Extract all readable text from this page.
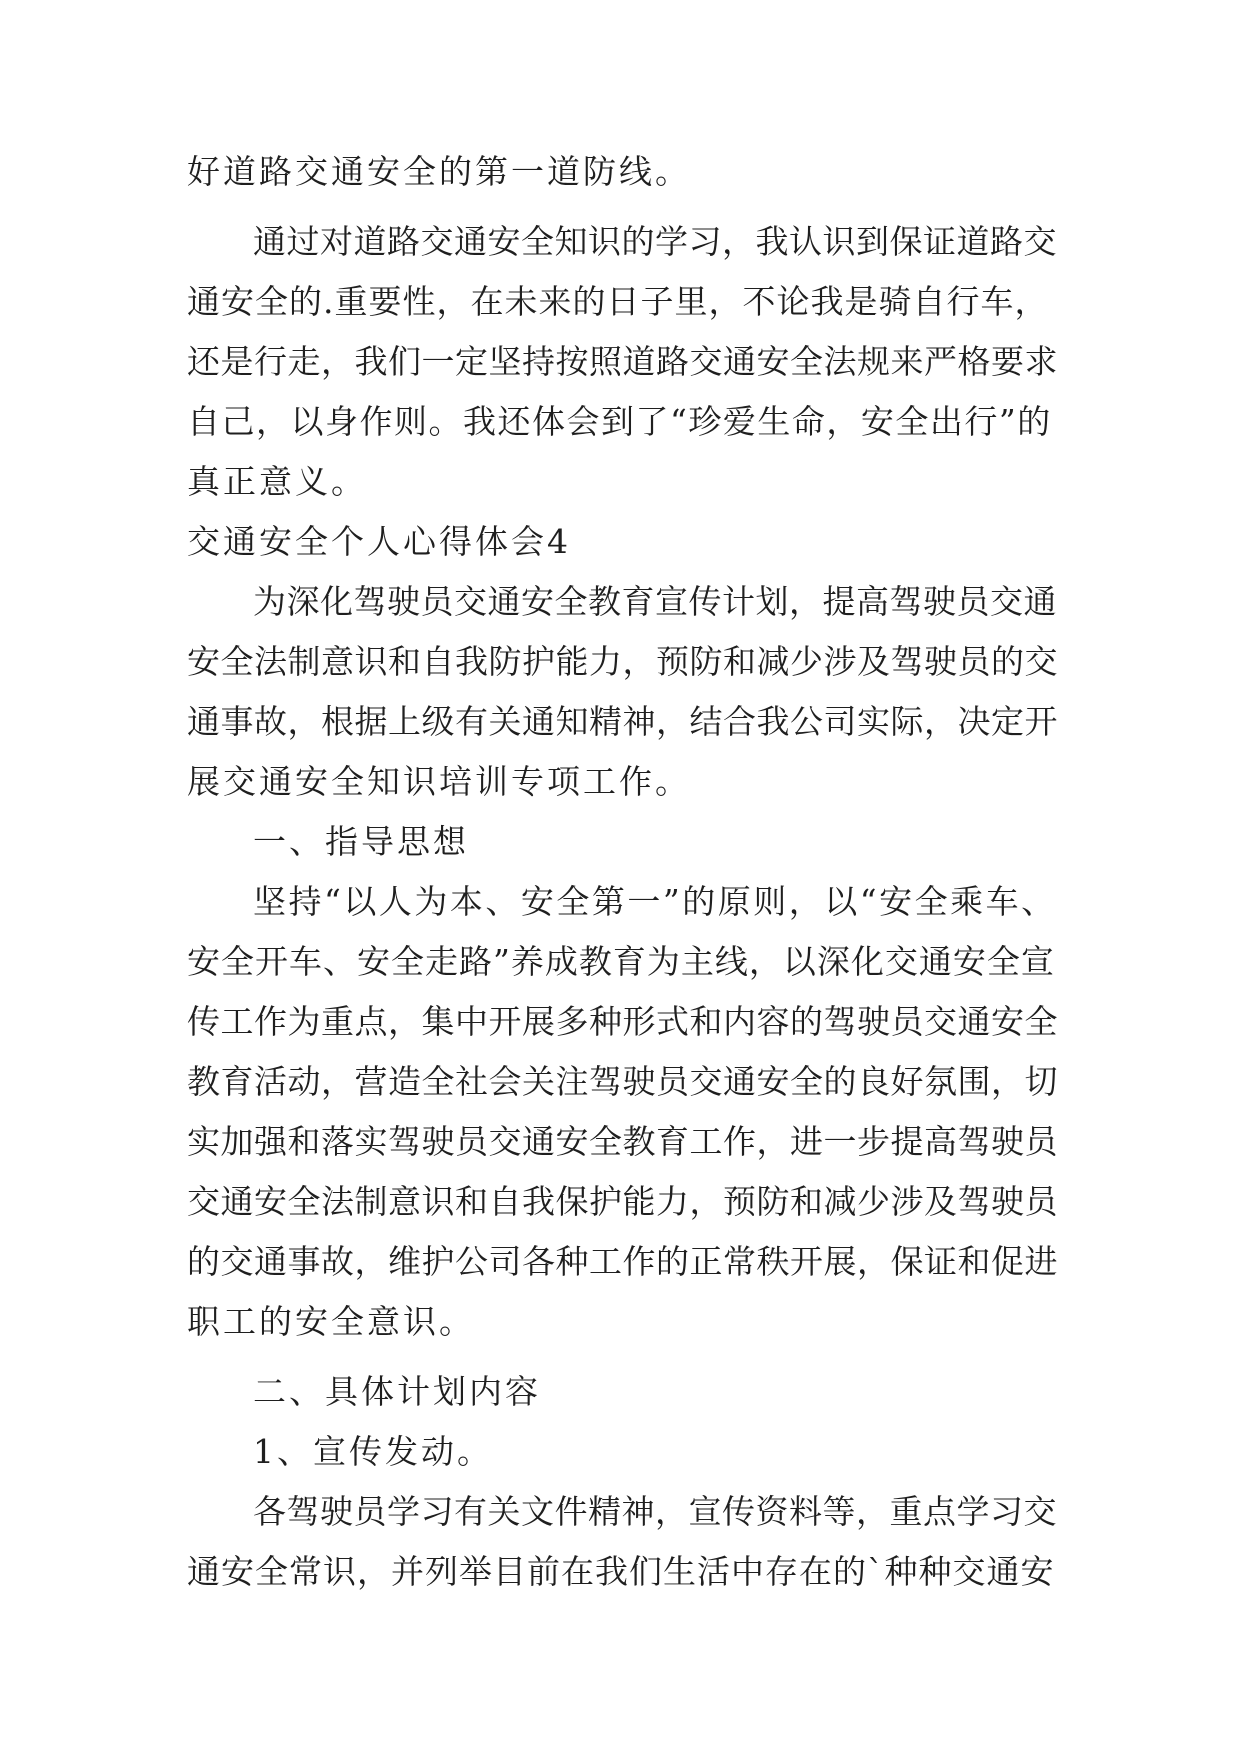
好道路交通安全的第一道防线。
通过对道路交通安全知识的学习，我认识到保证道路交
通安全的.重要性，在未来的日子里，不论我是骑自行车，
还是行走，我们一定坚持按照道路交通安全法规来严格要求
自己，以身作则。我还体会到了“珍爱生命，安全出行”的
真正意义。
交通安全个人心得体会4
为深化驾驶员交通安全教育宣传计划，提高驾驶员交通
安全法制意识和自我防护能力，预防和减少涉及驾驶员的交
通事故，根据上级有关通知精神，结合我公司实际，决定开
展交通安全知识培训专项工作。
一、指导思想
坚持“以人为本、安全第一”的原则，以“安全乘车、
安全开车、安全走路”养成教育为主线，以深化交通安全宣
传工作为重点，集中开展多种形式和内容的驾驶员交通安全
教育活动，营造全社会关注驾驶员交通安全的良好氛围，切
实加强和落实驾驶员交通安全教育工作，进一步提高驾驶员
交通安全法制意识和自我保护能力，预防和减少涉及驾驶员
的交通事故，维护公司各种工作的正常秩开展，保证和促进
职工的安全意识。
二、具体计划内容
1、宣传发动。
各驾驶员学习有关文件精神，宣传资料等，重点学习交
通安全常识，并列举目前在我们生活中存在的`种种交通安
